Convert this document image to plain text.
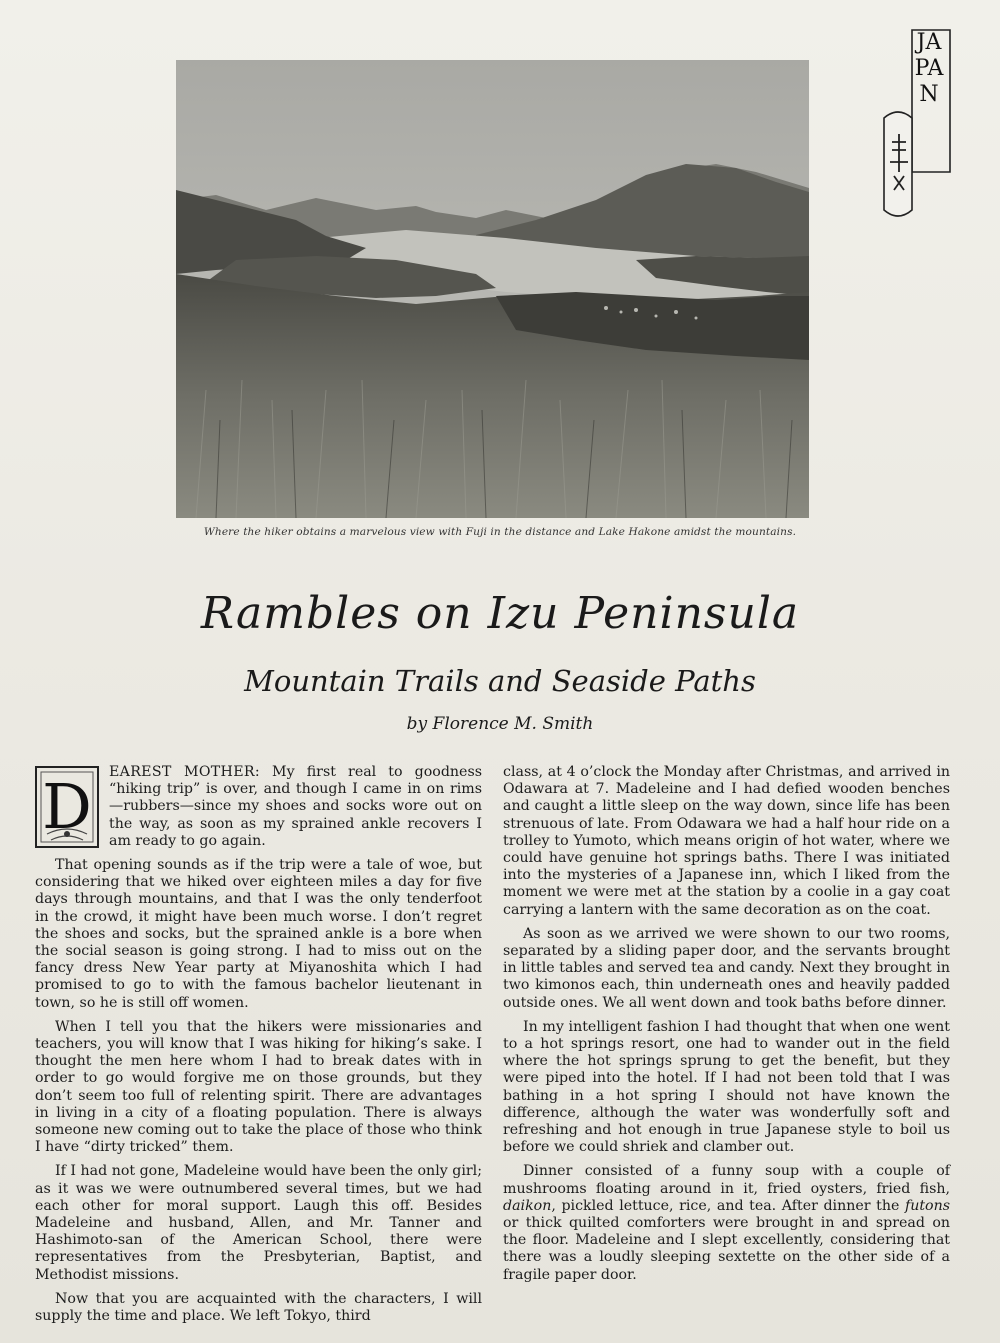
Where the hiker obtains a marvelous view with Fuji in the distance and Lake Hakone amidst the mountains.
JAPAN
Rambles on Izu Peninsula
Mountain Trails and Seaside Paths
by Florence M. Smith

D	EAREST MOTHER: My first real to goodness “hiking trip” is over, and though I came in on rims—rubbers—since my shoes and socks wore out on the way, as soon as my sprained ankle recovers I am ready to go again.

That opening sounds as if the trip were a tale of woe, but considering that we hiked over eighteen miles a day for five days through mountains, and that I was the only tenderfoot in the crowd, it might have been much worse. I don’t regret the shoes and socks, but the sprained ankle is a bore when the social season is going strong. I had to miss out on the fancy dress New Year party at Miyanoshita which I had promised to go to with the famous bachelor lieutenant in town, so he is still off women.

When I tell you that the hikers were missionaries and teachers, you will know that I was hiking for hiking’s sake. I thought the men here whom I had to break dates with in order to go would forgive me on those grounds, but they don’t seem too full of relenting spirit. There are advantages in living in a city of a floating population. There is always someone new coming out to take the place of those who think I have “dirty tricked” them.

If I had not gone, Madeleine would have been the only girl; as it was we were outnumbered several times, but we had each other for moral support. Laugh this off. Besides Madeleine and husband, Allen, and Mr. Tanner and Hashimoto-san of the American School, there were representatives from the Presbyterian, Baptist, and Methodist missions.

Now that you are acquainted with the characters, I will supply the time and place. We left Tokyo, third

class, at 4 o’clock the Monday after Christmas, and arrived in Odawara at 7. Madeleine and I had defied wooden benches and caught a little sleep on the way down, since life has been strenuous of late. From Odawara we had a half hour ride on a trolley to Yumoto, which means origin of hot water, where we could have genuine hot springs baths. There I was initiated into the mysteries of a Japanese inn, which I liked from the moment we were met at the station by a coolie in a gay coat carrying a lantern with the same decoration as on the coat.

As soon as we arrived we were shown to our two rooms, separated by a sliding paper door, and the servants brought in little tables and served tea and candy. Next they brought in two kimonos each, thin underneath ones and heavily padded outside ones. We all went down and took baths before dinner.

In my intelligent fashion I had thought that when one went to a hot springs resort, one had to wander out in the field where the hot springs sprung to get the benefit, but they were piped into the hotel. If I had not been told that I was bathing in a hot spring I should not have known the difference, although the water was wonderfully soft and refreshing and hot enough in true Japanese style to boil us before we could shriek and clamber out.

Dinner consisted of a funny soup with a couple of mushrooms floating around in it, fried oysters, fried fish, daikon, pickled lettuce, rice, and tea. After dinner the futons or thick quilted comforters were brought in and spread on the floor. Madeleine and I slept excellently, considering that there was a loudly sleeping sextette on the other side of a fragile paper door.
